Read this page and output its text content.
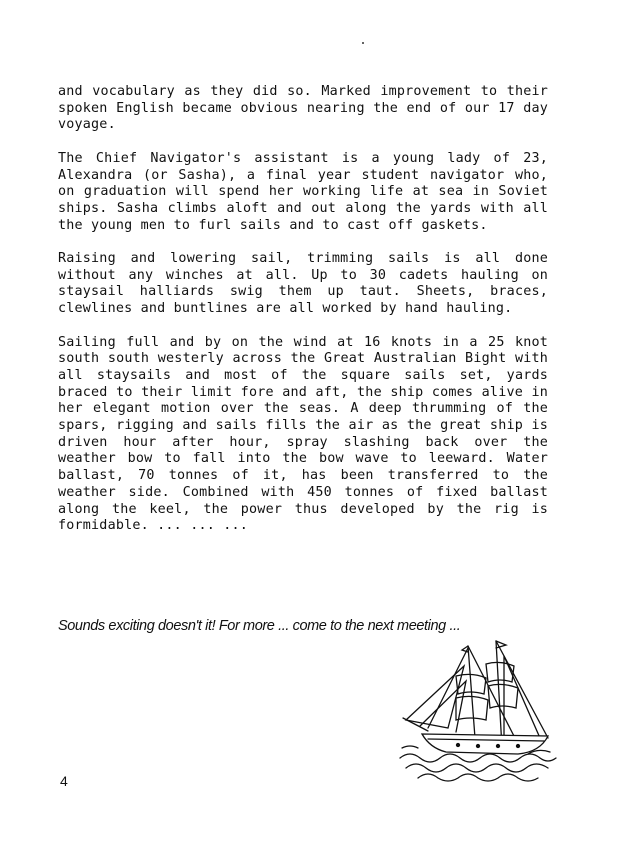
and vocabulary as they did so. Marked improvement to their spoken English became obvious nearing the end of our 17 day voyage.

The Chief Navigator's assistant is a young lady of 23, Alexandra (or Sasha), a final year student navigator who, on graduation will spend her working life at sea in Soviet ships. Sasha climbs aloft and out along the yards with all the young men to furl sails and to cast off gaskets.

Raising and lowering sail, trimming sails is all done without any winches at all. Up to 30 cadets hauling on staysail halliards swig them up taut. Sheets, braces, clewlines and buntlines are all worked by hand hauling.

Sailing full and by on the wind at 16 knots in a 25 knot south south westerly across the Great Australian Bight with all staysails and most of the square sails set, yards braced to their limit fore and aft, the ship comes alive in her elegant motion over the seas. A deep thrumming of the spars, rigging and sails fills the air as the great ship is driven hour after hour, spray slashing back over the weather bow to fall into the bow wave to leeward. Water ballast, 70 tonnes of it, has been transferred to the weather side. Combined with 450 tonnes of fixed ballast along the keel, the power thus developed by the rig is formidable. ... ... ...

Sounds exciting doesn't it! For more ... come to the next meeting ...
4
